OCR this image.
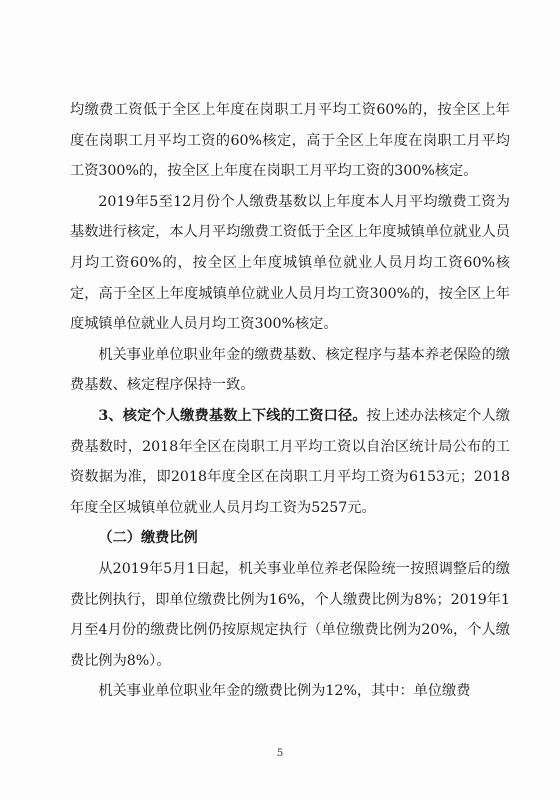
均缴费工资低于全区上年度在岗职工月平均工资60%的，按全区上年度在岗职工月平均工资的60%核定，高于全区上年度在岗职工月平均工资300%的，按全区上年度在岗职工月平均工资的300%核定。

2019年5至12月份个人缴费基数以上年度本人月平均缴费工资为基数进行核定，本人月平均缴费工资低于全区上年度城镇单位就业人员月均工资60%的，按全区上年度城镇单位就业人员月均工资60%核定，高于全区上年度城镇单位就业人员月均工资300%的，按全区上年度城镇单位就业人员月均工资300%核定。

机关事业单位职业年金的缴费基数、核定程序与基本养老保险的缴费基数、核定程序保持一致。

3、核定个人缴费基数上下线的工资口径。按上述办法核定个人缴费基数时，2018年全区在岗职工月平均工资以自治区统计局公布的工资数据为准，即2018年度全区在岗职工月平均工资为6153元；2018年度全区城镇单位就业人员月均工资为5257元。

（二）缴费比例

从2019年5月1日起，机关事业单位养老保险统一按照调整后的缴费比例执行，即单位缴费比例为16%，个人缴费比例为8%；2019年1月至4月份的缴费比例仍按原规定执行（单位缴费比例为20%，个人缴费比例为8%）。

机关事业单位职业年金的缴费比例为12%，其中：单位缴费

5
